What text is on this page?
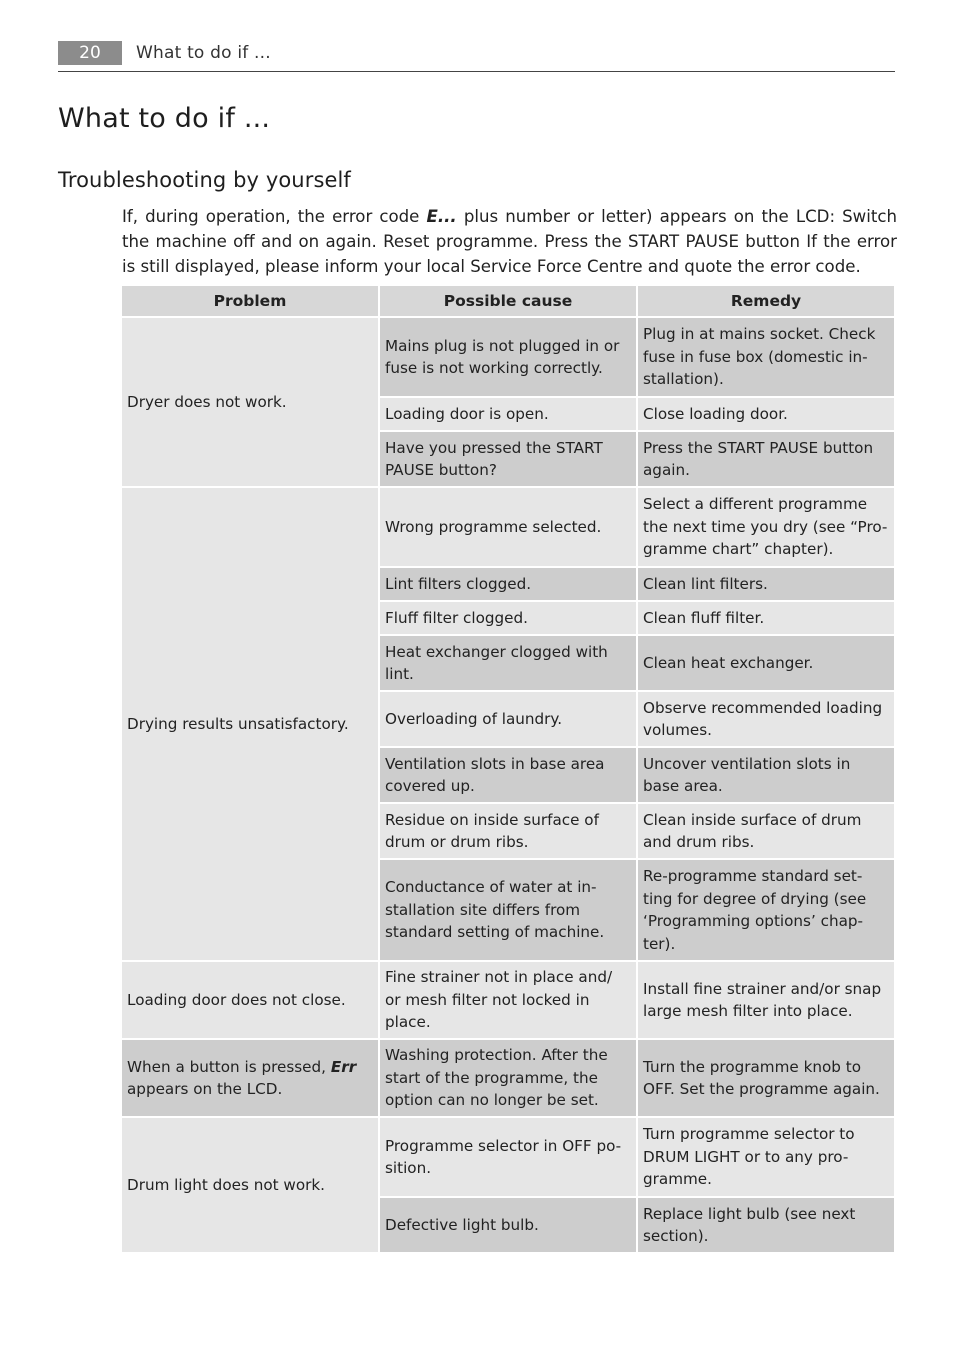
20	What to do if ...
What to do if ...
Troubleshooting by yourself

If, during operation, the error code E... plus number or letter) appears on the LCD: Switch the machine off and on again. Reset programme. Press the START PAUSE button If the error is still displayed, please inform your local Service Force Centre and quote the error code.

Problem	Possible cause	Remedy
Dryer does not work.	Mains plug is not plugged in or fuse is not working correctly.	Plug in at mains socket. Check fuse in fuse box (domestic in-stallation).
	Loading door is open.	Close loading door.
	Have you pressed the START PAUSE button?	Press the START PAUSE button again.
Drying results unsatisfactory.	Wrong programme selected.	Select a different programme the next time you dry (see “Pro-gramme chart” chapter).
	Lint filters clogged.	Clean lint filters.
	Fluff filter clogged.	Clean fluff filter.
	Heat exchanger clogged with lint.	Clean heat exchanger.
	Overloading of laundry.	Observe recommended loading volumes.
	Ventilation slots in base area covered up.	Uncover ventilation slots in base area.
	Residue on inside surface of drum or drum ribs.	Clean inside surface of drum and drum ribs.
	Conductance of water at in-stallation site differs from standard setting of machine.	Re-programme standard set-ting for degree of drying (see ‘Programming options’ chap-ter).
Loading door does not close.	Fine strainer not in place and/ or mesh filter not locked in place.	Install fine strainer and/or snap large mesh filter into place.
When a button is pressed, Err appears on the LCD.	Washing protection. After the start of the programme, the option can no longer be set.	Turn the programme knob to OFF. Set the programme again.
Drum light does not work.	Programme selector in OFF po-sition.	Turn programme selector to DRUM LIGHT or to any pro-gramme.
	Defective light bulb.	Replace light bulb (see next section).
